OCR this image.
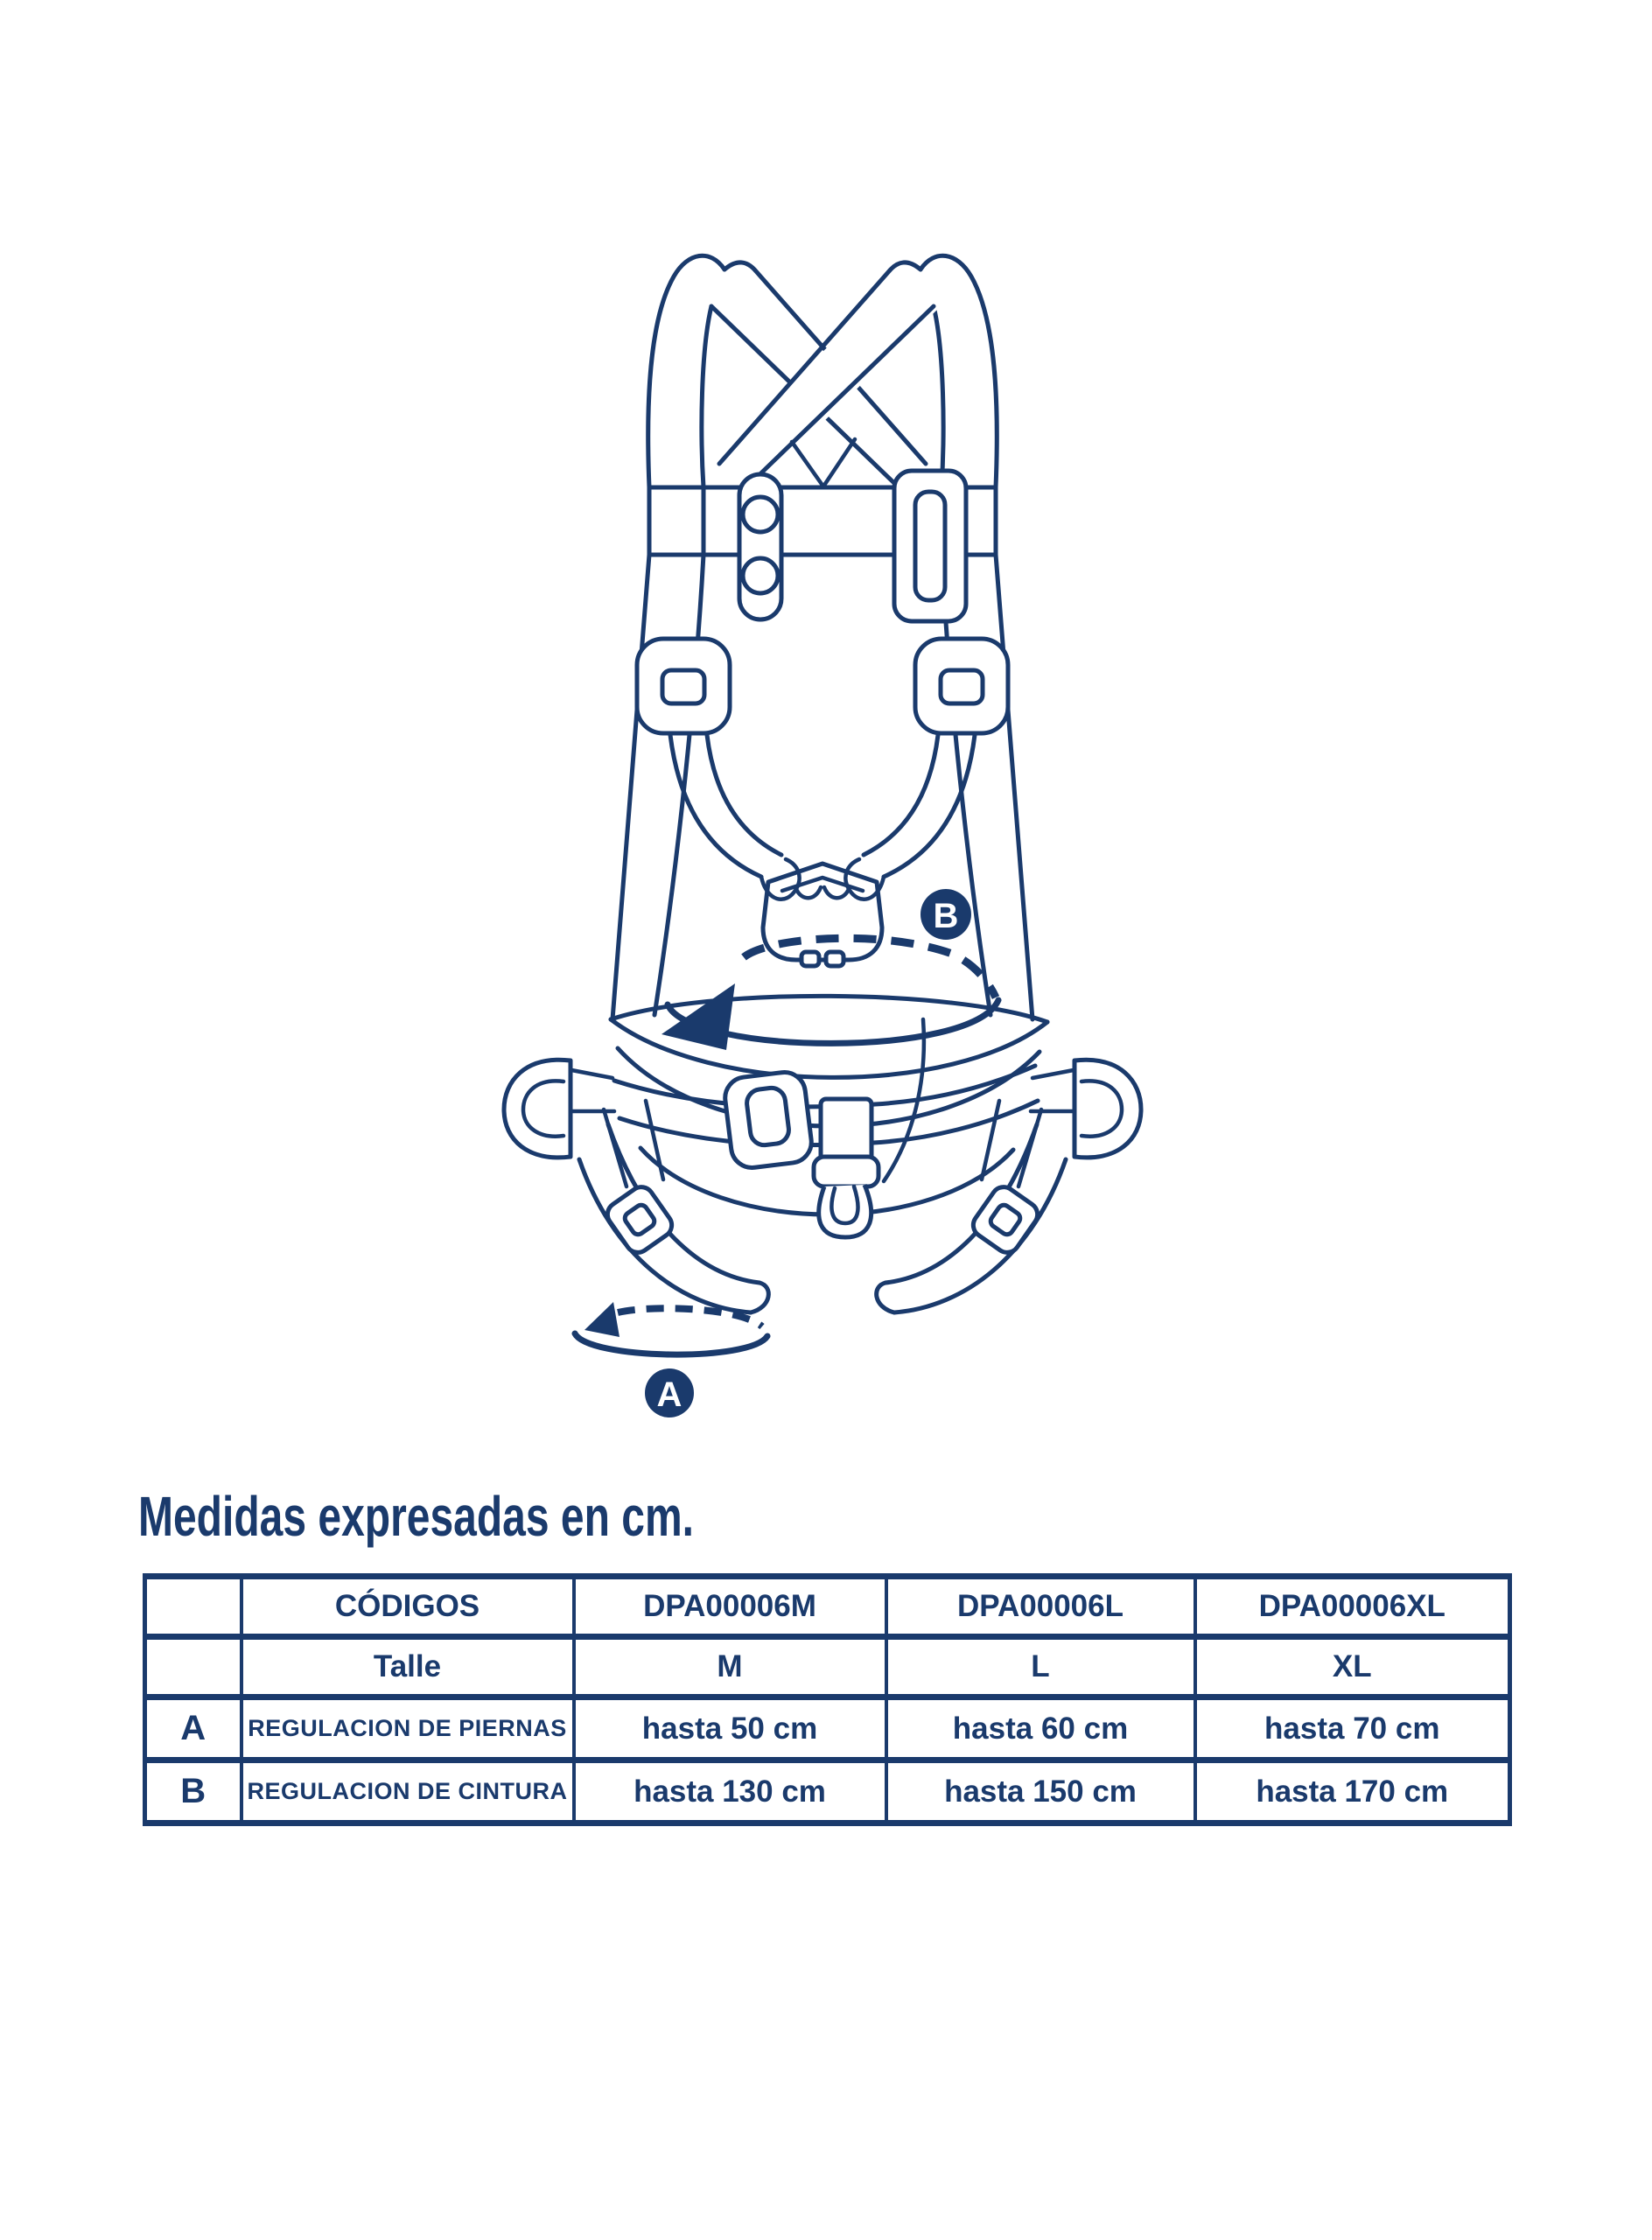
B
A
Medidas expresadas en cm.
	CÓDIGOS	DPA00006M	DPA00006L	DPA00006XL
	Talle	M	L	XL
A	REGULACION DE PIERNAS	hasta 50 cm	hasta 60 cm	hasta 70 cm
B	REGULACION DE CINTURA	hasta 130 cm	hasta 150 cm	hasta 170 cm
